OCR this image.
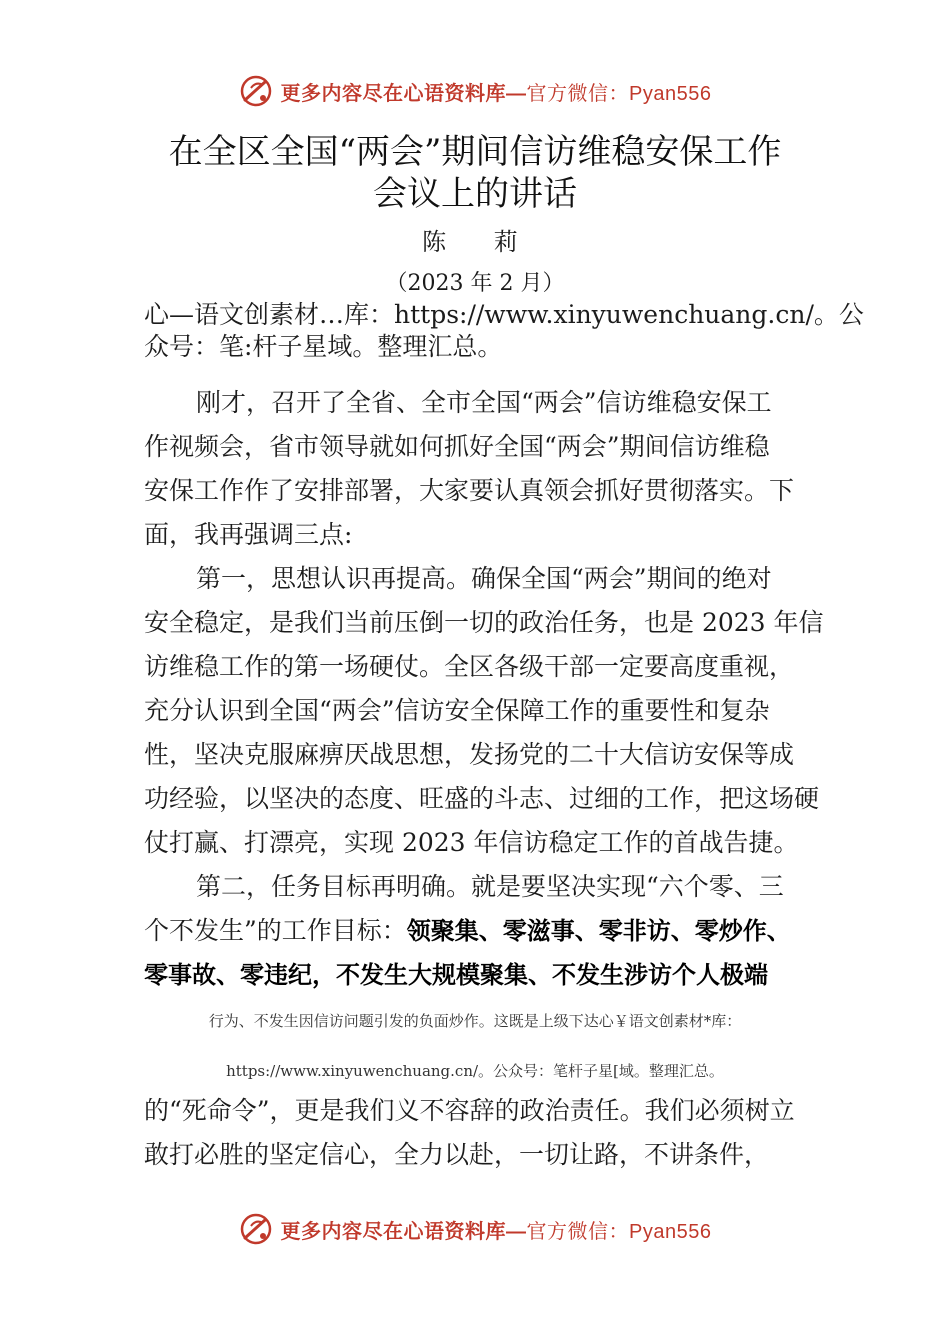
更多内容尽在心语资料库—官方微信：Pyan556
在全区全国“两会”期间信访维稳安保工作
会议上的讲话
陈 莉
（2023 年 2 月）
心—语文创素材…库：https://www.xinyuwenchuang.cn/。公
众号：笔:杆子星域。整理汇总。
刚才，召开了全省、全市全国“两会”信访维稳安保工
作视频会，省市领导就如何抓好全国“两会”期间信访维稳
安保工作作了安排部署，大家要认真领会抓好贯彻落实。下
面，我再强调三点:
第一，思想认识再提高。确保全国“两会”期间的绝对
安全稳定，是我们当前压倒一切的政治任务，也是 2023 年信
访维稳工作的第一场硬仗。全区各级干部一定要高度重视，
充分认识到全国“两会”信访安全保障工作的重要性和复杂
性，坚决克服麻痹厌战思想，发扬党的二十大信访安保等成
功经验，以坚决的态度、旺盛的斗志、过细的工作，把这场硬
仗打赢、打漂亮，实现 2023 年信访稳定工作的首战告捷。
第二，任务目标再明确。就是要坚决实现“六个零、三
个不发生”的工作目标：领聚集、零滋事、零非访、零炒作、
零事故、零违纪，不发生大规模聚集、不发生涉访个人极端
行为、不发生因信访问题引发的负面炒作。这既是上级下达心￥语文创素材*库：
https://www.xinyuwenchuang.cn/。公众号：笔杆子星[域。整理汇总。
的“死命令”，更是我们义不容辞的政治责任。我们必须树立
敢打必胜的坚定信心，全力以赴，一切让路，不讲条件，
更多内容尽在心语资料库—官方微信：Pyan556
